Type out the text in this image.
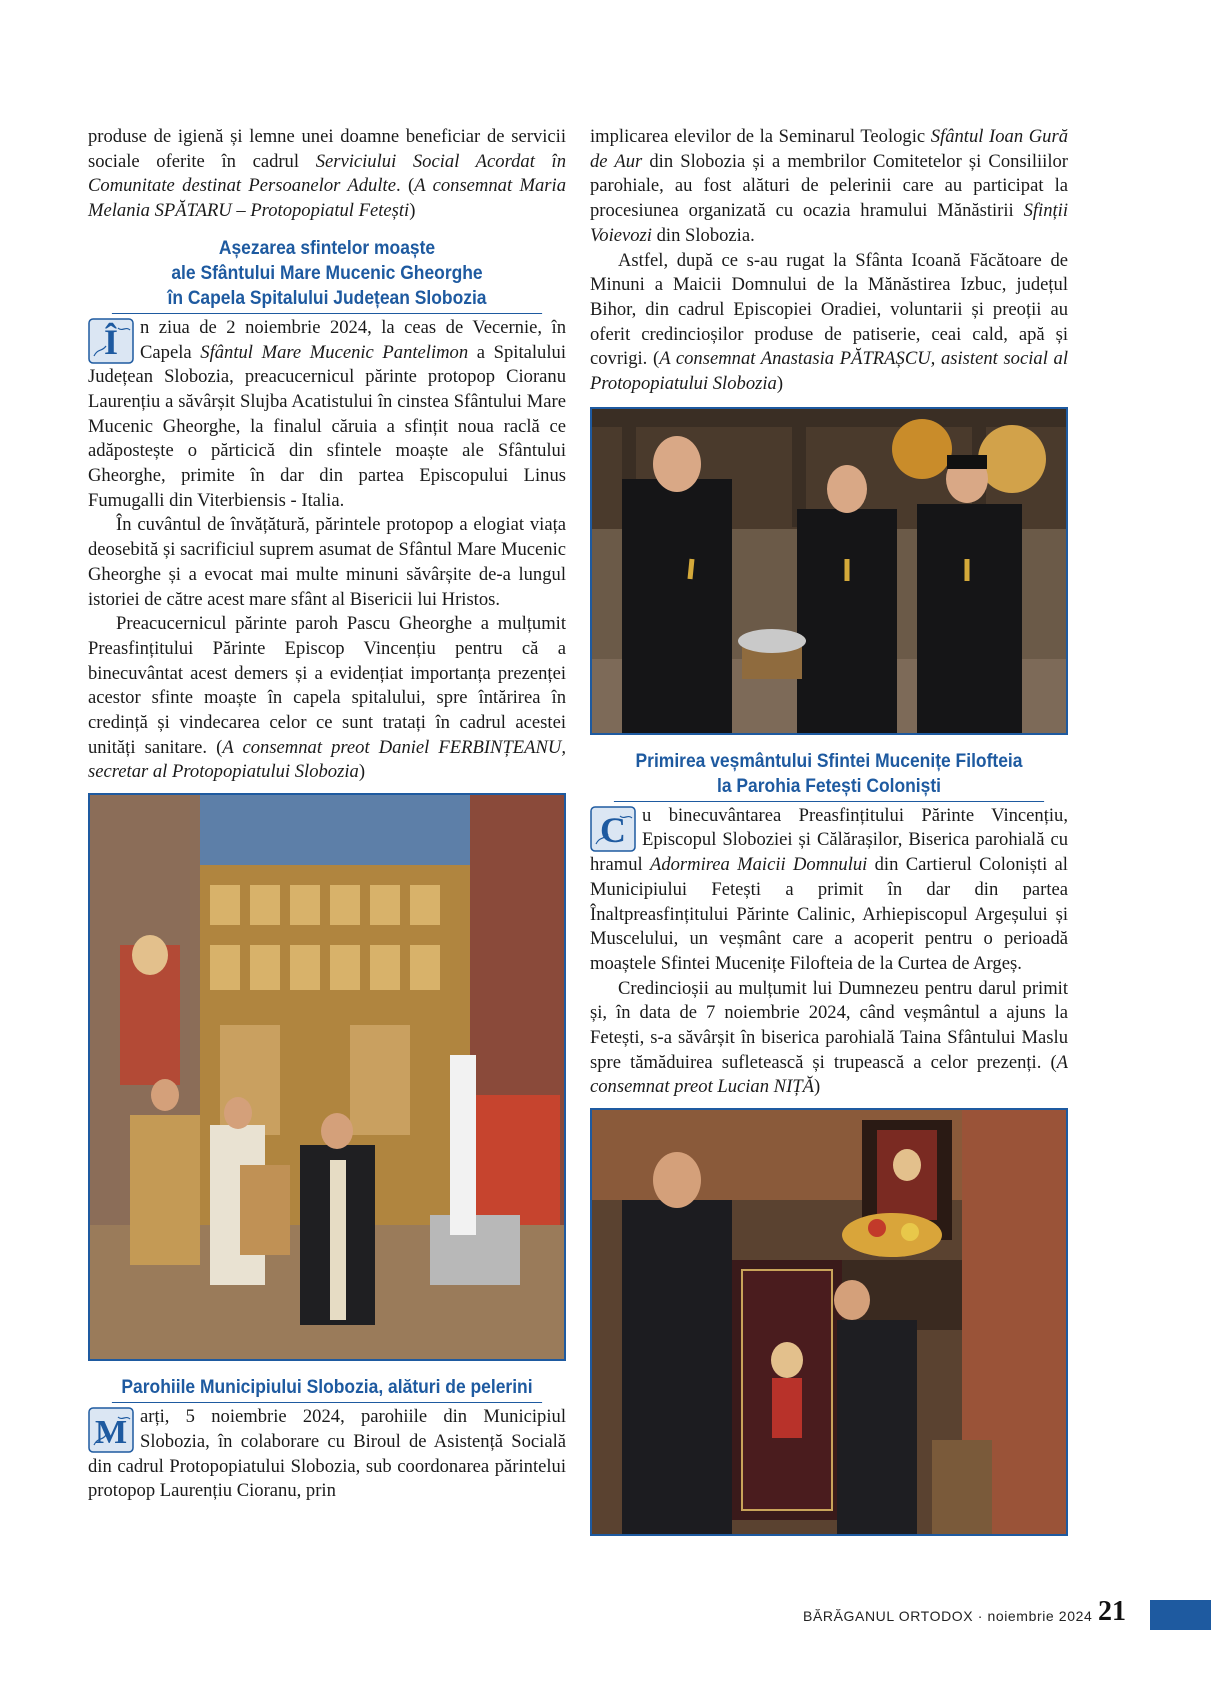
produse de igienă și lemne unei doamne beneficiar de servicii sociale oferite în cadrul Serviciului Social Acordat în Comunitate destinat Persoanelor Adulte. (A consemnat Maria Melania SPĂTARU – Protopopiatul Fetești)

Așezarea sfintelor moaște
ale Sfântului Mare Mucenic Gheorghe
în Capela Spitalului Județean Slobozia

Î n ziua de 2 noiembrie 2024, la ceas de Vecernie, în Capela Sfântul Mare Mucenic Pantelimon a Spitalului Județean Slobozia, preacucernicul părinte protopop Cioranu Laurențiu a săvârșit Slujba Acatistului în cinstea Sfântului Mare Mucenic Gheorghe, la finalul căruia a sfințit noua raclă ce adăpostește o părticică din sfintele moaște ale Sfântului Gheorghe, primite în dar din partea Episcopului Linus Fumugalli din Viterbiensis - Italia.

În cuvântul de învățătură, părintele protopop a elogiat viața deosebită și sacrificiul suprem asumat de Sfântul Mare Mucenic Gheorghe și a evocat mai multe minuni săvârșite de-a lungul istoriei de către acest mare sfânt al Bisericii lui Hristos.

Preacucernicul părinte paroh Pascu Gheorghe a mulțumit Preasfințitului Părinte Episcop Vincențiu pentru că a binecuvântat acest demers și a evidențiat importanța prezenței acestor sfinte moaște în capela spitalului, spre întărirea în credință și vindecarea celor ce sunt tratați în cadrul acestei unități sanitare. (A consemnat preot Daniel FERBINȚEANU, secretar al Protopopiatului Slobozia)

Parohiile Municipiului Slobozia, alături de pelerini

M arți, 5 noiembrie 2024, parohiile din Municipiul Slobozia, în colaborare cu Biroul de Asistență Socială din cadrul Protopopiatului Slobozia, sub coordonarea părintelui protopop Laurențiu Cioranu, prin

implicarea elevilor de la Seminarul Teologic Sfântul Ioan Gură de Aur din Slobozia și a membrilor Comitetelor și Consiliilor parohiale, au fost alături de pelerinii care au participat la procesiunea organizată cu ocazia hramului Mănăstirii Sfinții Voievozi din Slobozia.

Astfel, după ce s-au rugat la Sfânta Icoană Făcătoare de Minuni a Maicii Domnului de la Mănăstirea Izbuc, județul Bihor, din cadrul Episcopiei Oradiei, voluntarii și preoții au oferit credincioșilor produse de patiserie, ceai cald, apă și covrigi. (A consemnat Anastasia PĂTRAȘCU, asistent social al Protopopiatului Slobozia)

Primirea veșmântului Sfintei Mucenițe Filofteia
la Parohia Fetești Coloniști

C u binecuvântarea Preasfințitului Părinte Vincențiu, Episcopul Sloboziei și Călărașilor, Biserica parohială cu hramul Adormirea Maicii Domnului din Cartierul Coloniști al Municipiului Fetești a primit în dar din partea Înaltpreasfințitului Părinte Calinic, Arhiepiscopul Argeșului și Muscelului, un veșmânt care a acoperit pentru o perioadă moaștele Sfintei Mucenițe Filofteia de la Curtea de Argeș.

Credincioșii au mulțumit lui Dumnezeu pentru darul primit și, în data de 7 noiembrie 2024, când veșmântul a ajuns la Fetești, s-a săvârșit în biserica parohială Taina Sfântului Maslu spre tămăduirea sufletească și trupească a celor prezenți. (A consemnat preot Lucian NIȚĂ)

BĂRĂGANUL ORTODOX · noiembrie 2024 21
